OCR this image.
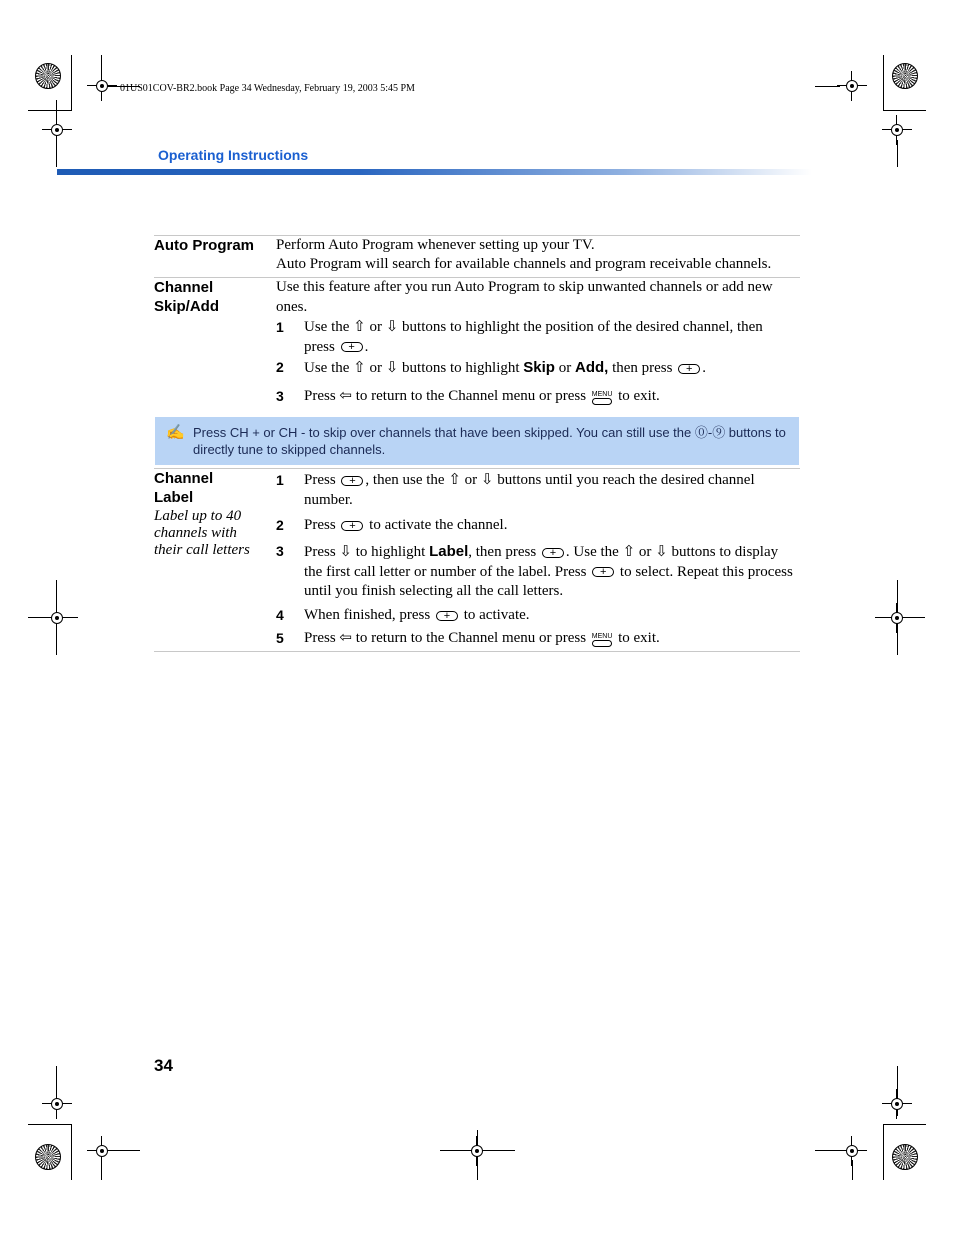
01US01COV-BR2.book Page 34 Wednesday, February 19, 2003 5:45 PM
Operating Instructions
Auto Program Perform Auto Program whenever setting up your TV.
Auto Program will search for available channels and program receivable channels.
Channel
Skip/Add
Use this feature after you run Auto Program to skip unwanted channels or add new ones.
1 Use the ⇧ or ⇩ buttons to highlight the position of the desired channel, then press + .
2 Use the ⇧ or ⇩ buttons to highlight Skip or Add, then press + .
3 Press ⇦ to return to the Channel menu or press MENU to exit.
✍ Press CH + or CH - to skip over channels that have been skipped. You can still use the ⓪-⑨ buttons to directly tune to skipped channels.
Channel
Label
Label up to 40 channels with their call letters
1 Press + , then use the ⇧ or ⇩ buttons until you reach the desired channel number.
2 Press + to activate the channel.
3 Press ⇩ to highlight Label, then press + . Use the ⇧ or ⇩ buttons to display the first call letter or number of the label. Press + to select. Repeat this process until you finish selecting all the call letters.
4 When finished, press + to activate.
5 Press ⇦ to return to the Channel menu or press MENU to exit.
34
